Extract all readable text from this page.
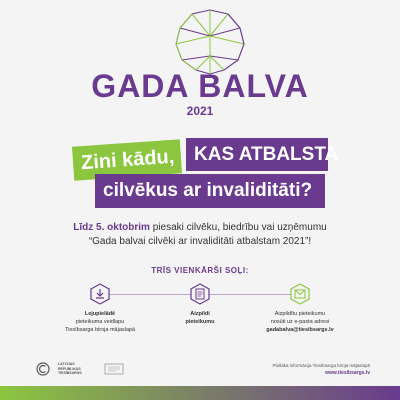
GADA BALVA
2021
Zini kādu,	KAS ATBALSTA
cilvēkus ar invaliditāti?
Līdz 5. oktobrim piesaki cilvēku, biedrību vai uzņēmumu
“Gada balvai cilvēki ar invaliditāti atbalstam 2021”!
TRĪS VIENKĀRŠI SOĻI:
Lejupielādē
pieteikuma veidlapu
Tiesībsarga biroja mājaslapā
Aizpildi
pieteikumu
Aizpildītu pieteikumu
nosūti uz e-pasta adresi
gadabalva@tiesibsargs.lv
LATVIJAS REPUBLIKAS TIESĪBSARGS
Plašāka informācija Tiesībsarga biroja mājaslapā
www.tiesibsargs.lv
